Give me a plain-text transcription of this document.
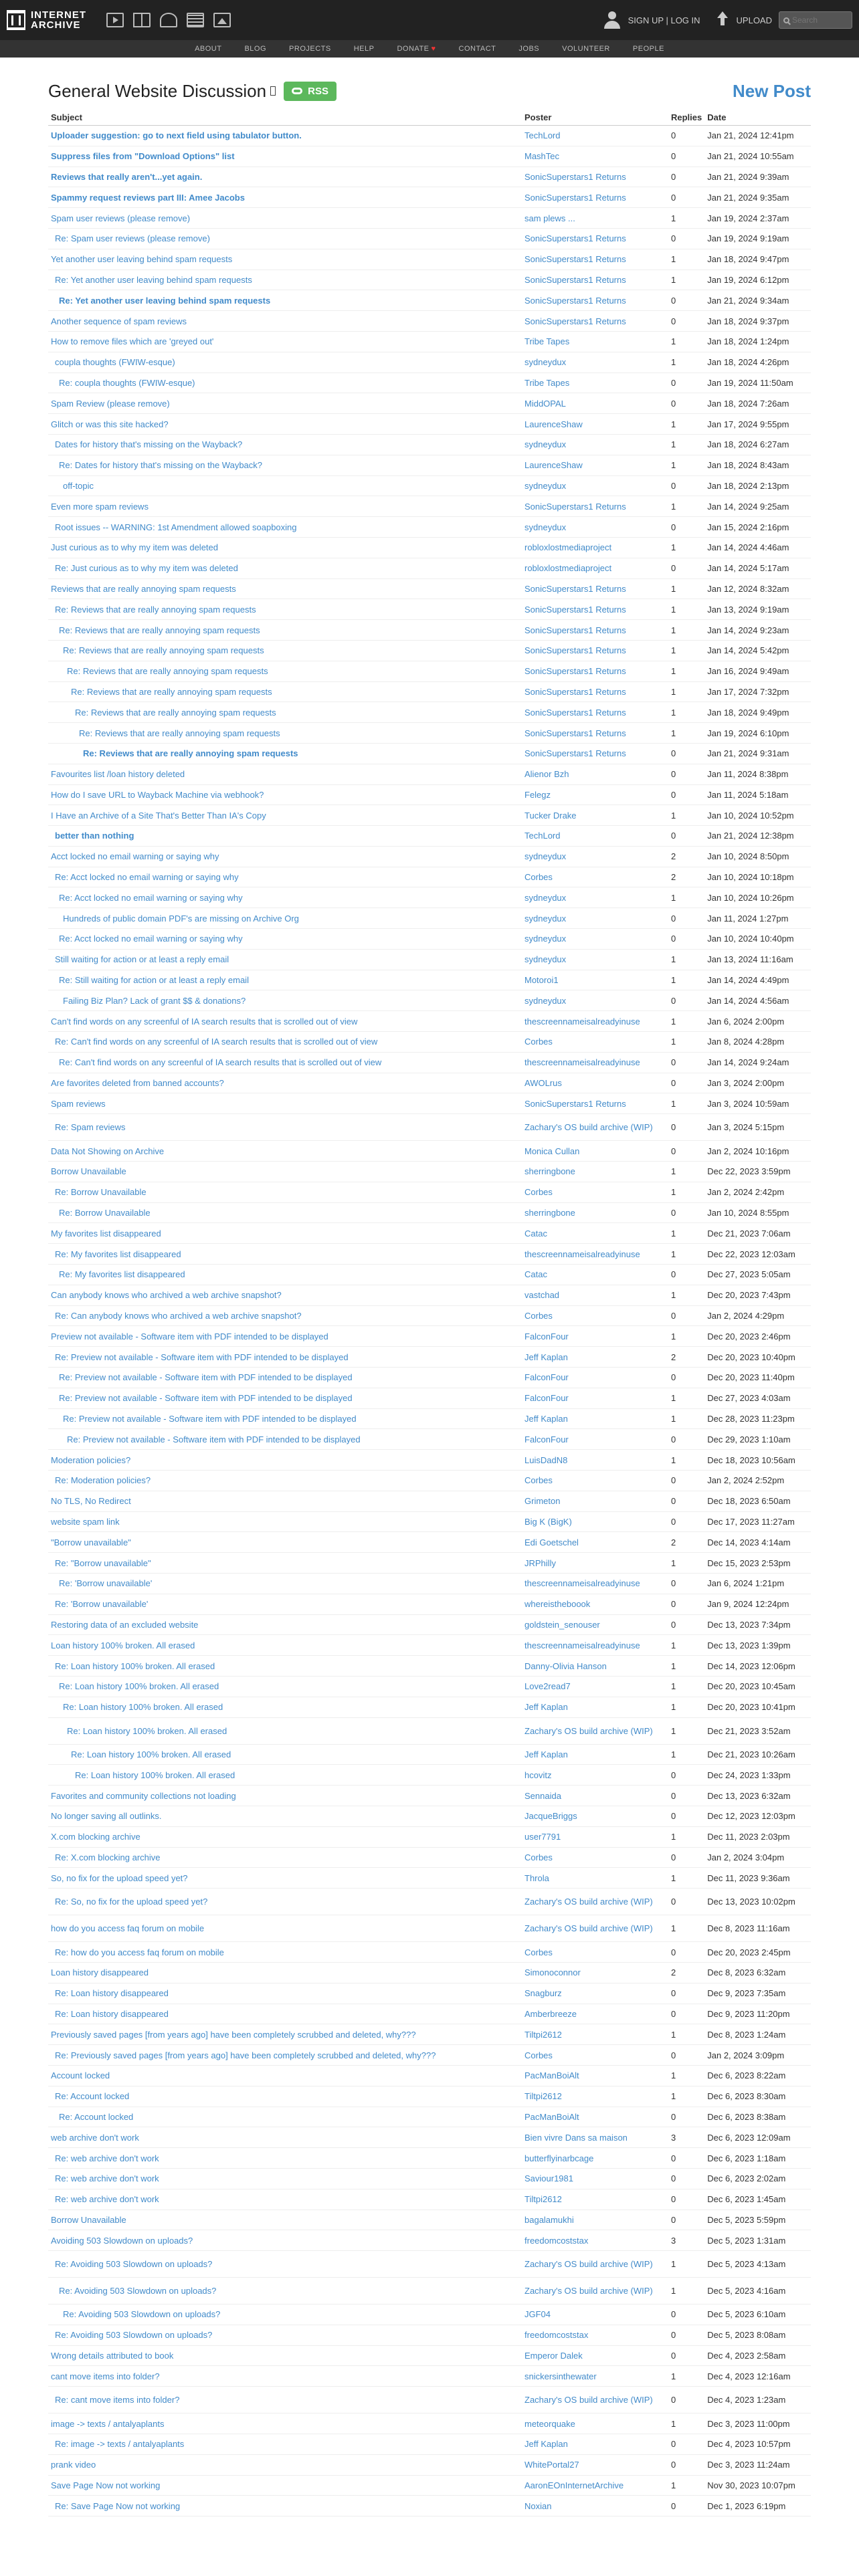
INTERNET
ARCHIVE	SIGN UP | LOG IN	UPLOAD
Search
ABOUT	BLOG	PROJECTS	HELP	DONATE ♥	CONTACT	JOBS	VOLUNTEER	PEOPLE
General Website Discussion	RSS	New Post
Subject	Poster	Replies	Date
Uploader suggestion: go to next field using tabulator button.	TechLord	0	Jan 21, 2024 12:41pm
Suppress files from "Download Options" list	MashTec	0	Jan 21, 2024 10:55am
Reviews that really aren't...yet again.	SonicSuperstars1 Returns	0	Jan 21, 2024 9:39am
Spammy request reviews part III: Amee Jacobs	SonicSuperstars1 Returns	0	Jan 21, 2024 9:35am
Spam user reviews (please remove)	sam plews ...	1	Jan 19, 2024 2:37am
Re: Spam user reviews (please remove)	SonicSuperstars1 Returns	0	Jan 19, 2024 9:19am
Yet another user leaving behind spam requests	SonicSuperstars1 Returns	1	Jan 18, 2024 9:47pm
Re: Yet another user leaving behind spam requests	SonicSuperstars1 Returns	1	Jan 19, 2024 6:12pm
Re: Yet another user leaving behind spam requests	SonicSuperstars1 Returns	0	Jan 21, 2024 9:34am
Another sequence of spam reviews	SonicSuperstars1 Returns	0	Jan 18, 2024 9:37pm
How to remove files which are 'greyed out'	Tribe Tapes	1	Jan 18, 2024 1:24pm
coupla thoughts (FWIW-esque)	sydneydux	1	Jan 18, 2024 4:26pm
Re: coupla thoughts (FWIW-esque)	Tribe Tapes	0	Jan 19, 2024 11:50am
Spam Review (please remove)	MiddOPAL	0	Jan 18, 2024 7:26am
Glitch or was this site hacked?	LaurenceShaw	1	Jan 17, 2024 9:55pm
Dates for history that's missing on the Wayback?	sydneydux	1	Jan 18, 2024 6:27am
Re: Dates for history that's missing on the Wayback?	LaurenceShaw	1	Jan 18, 2024 8:43am
off-topic	sydneydux	0	Jan 18, 2024 2:13pm
Even more spam reviews	SonicSuperstars1 Returns	1	Jan 14, 2024 9:25am
Root issues -- WARNING: 1st Amendment allowed soapboxing	sydneydux	0	Jan 15, 2024 2:16pm
Just curious as to why my item was deleted	robloxlostmediaproject	1	Jan 14, 2024 4:46am
Re: Just curious as to why my item was deleted	robloxlostmediaproject	0	Jan 14, 2024 5:17am
Reviews that are really annoying spam requests	SonicSuperstars1 Returns	1	Jan 12, 2024 8:32am
Re: Reviews that are really annoying spam requests	SonicSuperstars1 Returns	1	Jan 13, 2024 9:19am
Re: Reviews that are really annoying spam requests	SonicSuperstars1 Returns	1	Jan 14, 2024 9:23am
Re: Reviews that are really annoying spam requests	SonicSuperstars1 Returns	1	Jan 14, 2024 5:42pm
Re: Reviews that are really annoying spam requests	SonicSuperstars1 Returns	1	Jan 16, 2024 9:49am
Re: Reviews that are really annoying spam requests	SonicSuperstars1 Returns	1	Jan 17, 2024 7:32pm
Re: Reviews that are really annoying spam requests	SonicSuperstars1 Returns	1	Jan 18, 2024 9:49pm
Re: Reviews that are really annoying spam requests	SonicSuperstars1 Returns	1	Jan 19, 2024 6:10pm
Re: Reviews that are really annoying spam requests	SonicSuperstars1 Returns	0	Jan 21, 2024 9:31am
Favourites list /loan history deleted	Alienor Bzh	0	Jan 11, 2024 8:38pm
How do I save URL to Wayback Machine via webhook?	Felegz	0	Jan 11, 2024 5:18am
I Have an Archive of a Site That's Better Than IA's Copy	Tucker Drake	1	Jan 10, 2024 10:52pm
better than nothing	TechLord	0	Jan 21, 2024 12:38pm
Acct locked no email warning or saying why	sydneydux	2	Jan 10, 2024 8:50pm
Re: Acct locked no email warning or saying why	Corbes	2	Jan 10, 2024 10:18pm
Re: Acct locked no email warning or saying why	sydneydux	1	Jan 10, 2024 10:26pm
Hundreds of public domain PDF's are missing on Archive Org	sydneydux	0	Jan 11, 2024 1:27pm
Re: Acct locked no email warning or saying why	sydneydux	0	Jan 10, 2024 10:40pm
Still waiting for action or at least a reply email	sydneydux	1	Jan 13, 2024 11:16am
Re: Still waiting for action or at least a reply email	Motoroi1	1	Jan 14, 2024 4:49pm
Failing Biz Plan? Lack of grant $$ & donations?	sydneydux	0	Jan 14, 2024 4:56am
Can't find words on any screenful of IA search results that is scrolled out of view	thescreennameisalreadyinuse	1	Jan 6, 2024 2:00pm
Re: Can't find words on any screenful of IA search results that is scrolled out of view	Corbes	1	Jan 8, 2024 4:28pm
Re: Can't find words on any screenful of IA search results that is scrolled out of view	thescreennameisalreadyinuse	0	Jan 14, 2024 9:24am
Are favorites deleted from banned accounts?	AWOLrus	0	Jan 3, 2024 2:00pm
Spam reviews	SonicSuperstars1 Returns	1	Jan 3, 2024 10:59am
Re: Spam reviews	Zachary's OS build archive (WIP)	0	Jan 3, 2024 5:15pm
Data Not Showing on Archive	Monica Cullan	0	Jan 2, 2024 10:16pm
Borrow Unavailable	sherringbone	1	Dec 22, 2023 3:59pm
Re: Borrow Unavailable	Corbes	1	Jan 2, 2024 2:42pm
Re: Borrow Unavailable	sherringbone	0	Jan 10, 2024 8:55pm
My favorites list disappeared	Catac	1	Dec 21, 2023 7:06am
Re: My favorites list disappeared	thescreennameisalreadyinuse	1	Dec 22, 2023 12:03am
Re: My favorites list disappeared	Catac	0	Dec 27, 2023 5:05am
Can anybody knows who archived a web archive snapshot?	vastchad	1	Dec 20, 2023 7:43pm
Re: Can anybody knows who archived a web archive snapshot?	Corbes	0	Jan 2, 2024 4:29pm
Preview not available - Software item with PDF intended to be displayed	FalconFour	1	Dec 20, 2023 2:46pm
Re: Preview not available - Software item with PDF intended to be displayed	Jeff Kaplan	2	Dec 20, 2023 10:40pm
Re: Preview not available - Software item with PDF intended to be displayed	FalconFour	0	Dec 20, 2023 11:40pm
Re: Preview not available - Software item with PDF intended to be displayed	FalconFour	1	Dec 27, 2023 4:03am
Re: Preview not available - Software item with PDF intended to be displayed	Jeff Kaplan	1	Dec 28, 2023 11:23pm
Re: Preview not available - Software item with PDF intended to be displayed	FalconFour	0	Dec 29, 2023 1:10am
Moderation policies?	LuisDadN8	1	Dec 18, 2023 10:56am
Re: Moderation policies?	Corbes	0	Jan 2, 2024 2:52pm
No TLS, No Redirect	Grimeton	0	Dec 18, 2023 6:50am
website spam link	Big K (BigK)	0	Dec 17, 2023 11:27am
"Borrow unavailable"	Edi Goetschel	2	Dec 14, 2023 4:14am
Re: "Borrow unavailable"	JRPhilly	1	Dec 15, 2023 2:53pm
Re: 'Borrow unavailable'	thescreennameisalreadyinuse	0	Jan 6, 2024 1:21pm
Re: 'Borrow unavailable'	whereistheboook	0	Jan 9, 2024 12:24pm
Restoring data of an excluded website	goldstein_senouser	0	Dec 13, 2023 7:34pm
Loan history 100% broken. All erased	thescreennameisalreadyinuse	1	Dec 13, 2023 1:39pm
Re: Loan history 100% broken. All erased	Danny-Olivia Hanson	1	Dec 14, 2023 12:06pm
Re: Loan history 100% broken. All erased	Love2read7	1	Dec 20, 2023 10:45am
Re: Loan history 100% broken. All erased	Jeff Kaplan	1	Dec 20, 2023 10:41pm
Re: Loan history 100% broken. All erased	Zachary's OS build archive (WIP)	1	Dec 21, 2023 3:52am
Re: Loan history 100% broken. All erased	Jeff Kaplan	1	Dec 21, 2023 10:26am
Re: Loan history 100% broken. All erased	hcovitz	0	Dec 24, 2023 1:33pm
Favorites and community collections not loading	Sennaida	0	Dec 13, 2023 6:32am
No longer saving all outlinks.	JacqueBriggs	0	Dec 12, 2023 12:03pm
X.com blocking archive	user7791	1	Dec 11, 2023 2:03pm
Re: X.com blocking archive	Corbes	0	Jan 2, 2024 3:04pm
So, no fix for the upload speed yet?	Throla	1	Dec 11, 2023 9:36am
Re: So, no fix for the upload speed yet?	Zachary's OS build archive (WIP)	0	Dec 13, 2023 10:02pm
how do you access faq forum on mobile	Zachary's OS build archive (WIP)	1	Dec 8, 2023 11:16am
Re: how do you access faq forum on mobile	Corbes	0	Dec 20, 2023 2:45pm
Loan history disappeared	Simonoconnor	2	Dec 8, 2023 6:32am
Re: Loan history disappeared	Snagburz	0	Dec 9, 2023 7:35am
Re: Loan history disappeared	Amberbreeze	0	Dec 9, 2023 11:20pm
Previously saved pages [from years ago] have been completely scrubbed and deleted, why???	Tiltpi2612	1	Dec 8, 2023 1:24am
Re: Previously saved pages [from years ago] have been completely scrubbed and deleted, why???	Corbes	0	Jan 2, 2024 3:09pm
Account locked	PacManBoiAlt	1	Dec 6, 2023 8:22am
Re: Account locked	Tiltpi2612	1	Dec 6, 2023 8:30am
Re: Account locked	PacManBoiAlt	0	Dec 6, 2023 8:38am
web archive don't work	Bien vivre Dans sa maison	3	Dec 6, 2023 12:09am
Re: web archive don't work	butterflyinarbcage	0	Dec 6, 2023 1:18am
Re: web archive don't work	Saviour1981	0	Dec 6, 2023 2:02am
Re: web archive don't work	Tiltpi2612	0	Dec 6, 2023 1:45am
Borrow Unavailable	bagalamukhi	0	Dec 5, 2023 5:59pm
Avoiding 503 Slowdown on uploads?	freedomcoststax	3	Dec 5, 2023 1:31am
Re: Avoiding 503 Slowdown on uploads?	Zachary's OS build archive (WIP)	1	Dec 5, 2023 4:13am
Re: Avoiding 503 Slowdown on uploads?	Zachary's OS build archive (WIP)	1	Dec 5, 2023 4:16am
Re: Avoiding 503 Slowdown on uploads?	JGF04	0	Dec 5, 2023 6:10am
Re: Avoiding 503 Slowdown on uploads?	freedomcoststax	0	Dec 5, 2023 8:08am
Wrong details attributed to book	Emperor Dalek	0	Dec 4, 2023 2:58am
cant move items into folder?	snickersinthewater	1	Dec 4, 2023 12:16am
Re: cant move items into folder?	Zachary's OS build archive (WIP)	0	Dec 4, 2023 1:23am
image -> texts / antalyaplants	meteorquake	1	Dec 3, 2023 11:00pm
Re: image -> texts / antalyaplants	Jeff Kaplan	0	Dec 4, 2023 10:57pm
prank video	WhitePortal27	0	Dec 3, 2023 11:24am
Save Page Now not working	AaronEOnInternetArchive	1	Nov 30, 2023 10:07pm
Re: Save Page Now not working	Noxian	0	Dec 1, 2023 6:19pm
